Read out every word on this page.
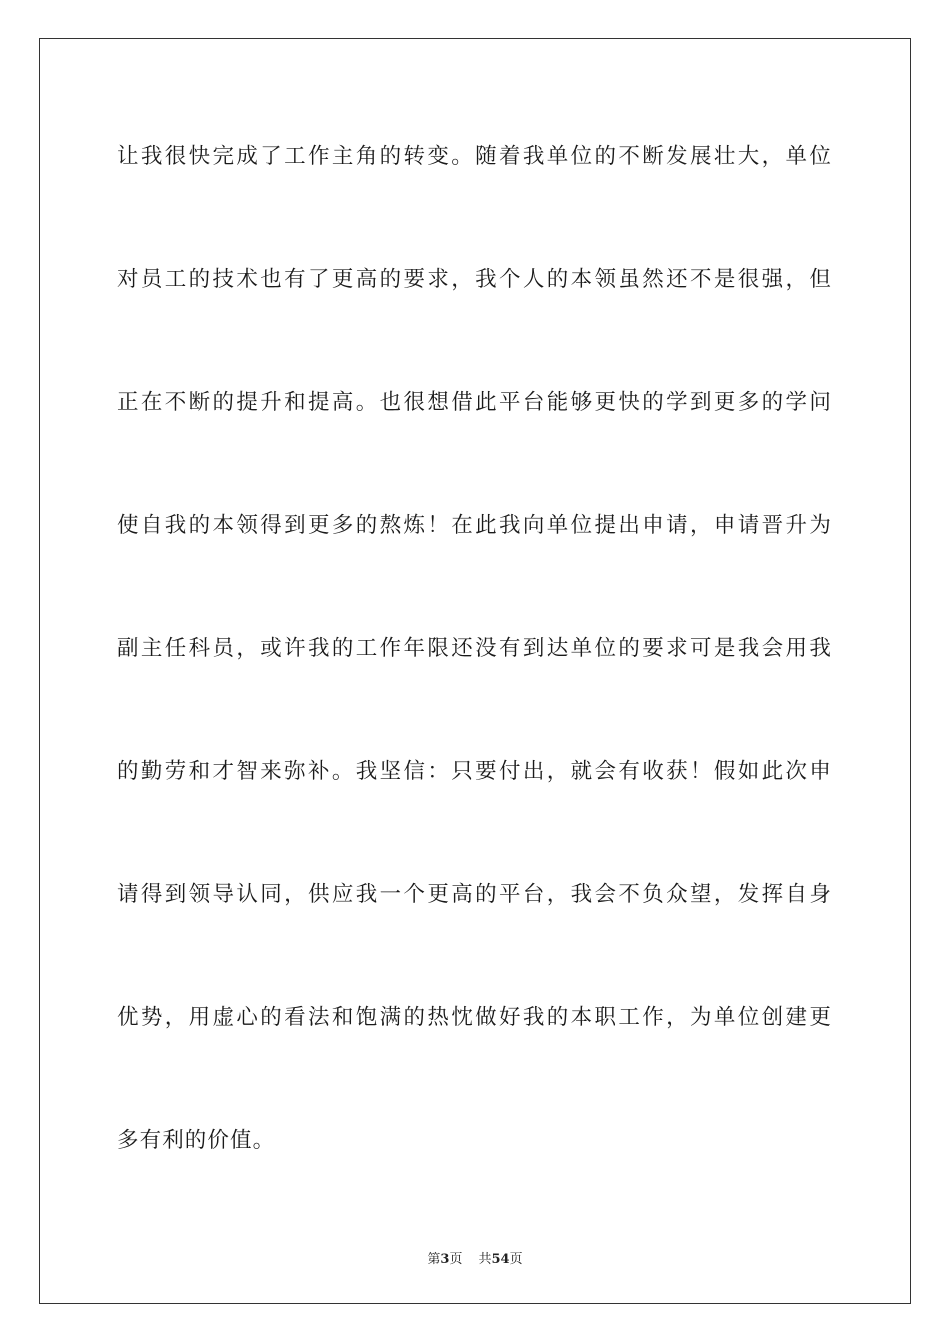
让我很快完成了工作主角的转变。随着我单位的不断发展壮大，单位
对员工的技术也有了更高的要求，我个人的本领虽然还不是很强，但
正在不断的提升和提高。也很想借此平台能够更快的学到更多的学问
使自我的本领得到更多的熬炼！在此我向单位提出申请，申请晋升为
副主任科员，或许我的工作年限还没有到达单位的要求可是我会用我
的勤劳和才智来弥补。我坚信：只要付出，就会有收获！假如此次申
请得到领导认同，供应我一个更高的平台，我会不负众望，发挥自身
优势，用虚心的看法和饱满的热忱做好我的本职工作，为单位创建更
多有利的价值。
第3页 共54页
